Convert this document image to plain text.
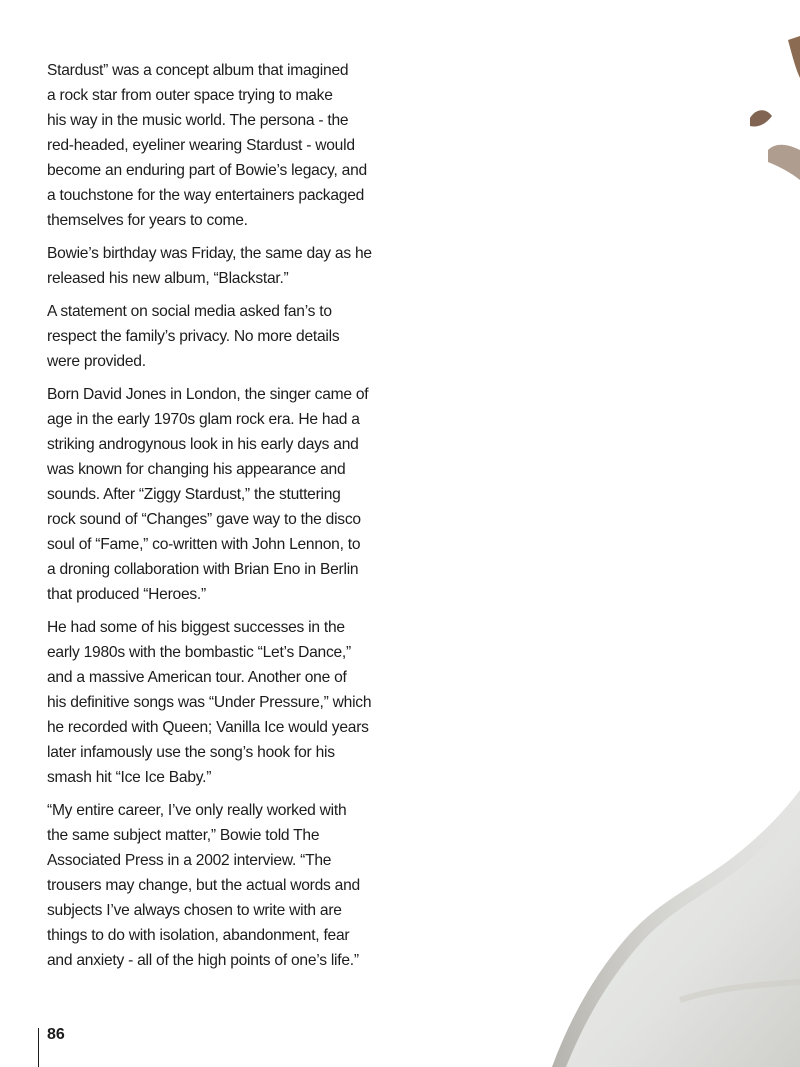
Stardust” was a concept album that imagined
a rock star from outer space trying to make
his way in the music world. The persona - the
red-headed, eyeliner wearing Stardust - would
become an enduring part of Bowie’s legacy, and
a touchstone for the way entertainers packaged
themselves for years to come.

Bowie’s birthday was Friday, the same day as he
released his new album, “Blackstar.”

A statement on social media asked fan’s to
respect the family’s privacy. No more details
were provided.

Born David Jones in London, the singer came of
age in the early 1970s glam rock era. He had a
striking androgynous look in his early days and
was known for changing his appearance and
sounds. After “Ziggy Stardust,” the stuttering
rock sound of “Changes” gave way to the disco
soul of “Fame,” co-written with John Lennon, to
a droning collaboration with Brian Eno in Berlin
that produced “Heroes.”

He had some of his biggest successes in the
early 1980s with the bombastic “Let’s Dance,”
and a massive American tour. Another one of
his definitive songs was “Under Pressure,” which
he recorded with Queen; Vanilla Ice would years
later infamously use the song’s hook for his
smash hit “Ice Ice Baby.”

“My entire career, I’ve only really worked with
the same subject matter,” Bowie told The
Associated Press in a 2002 interview. “The
trousers may change, but the actual words and
subjects I’ve always chosen to write with are
things to do with isolation, abandonment, fear
and anxiety - all of the high points of one’s life.”

86
